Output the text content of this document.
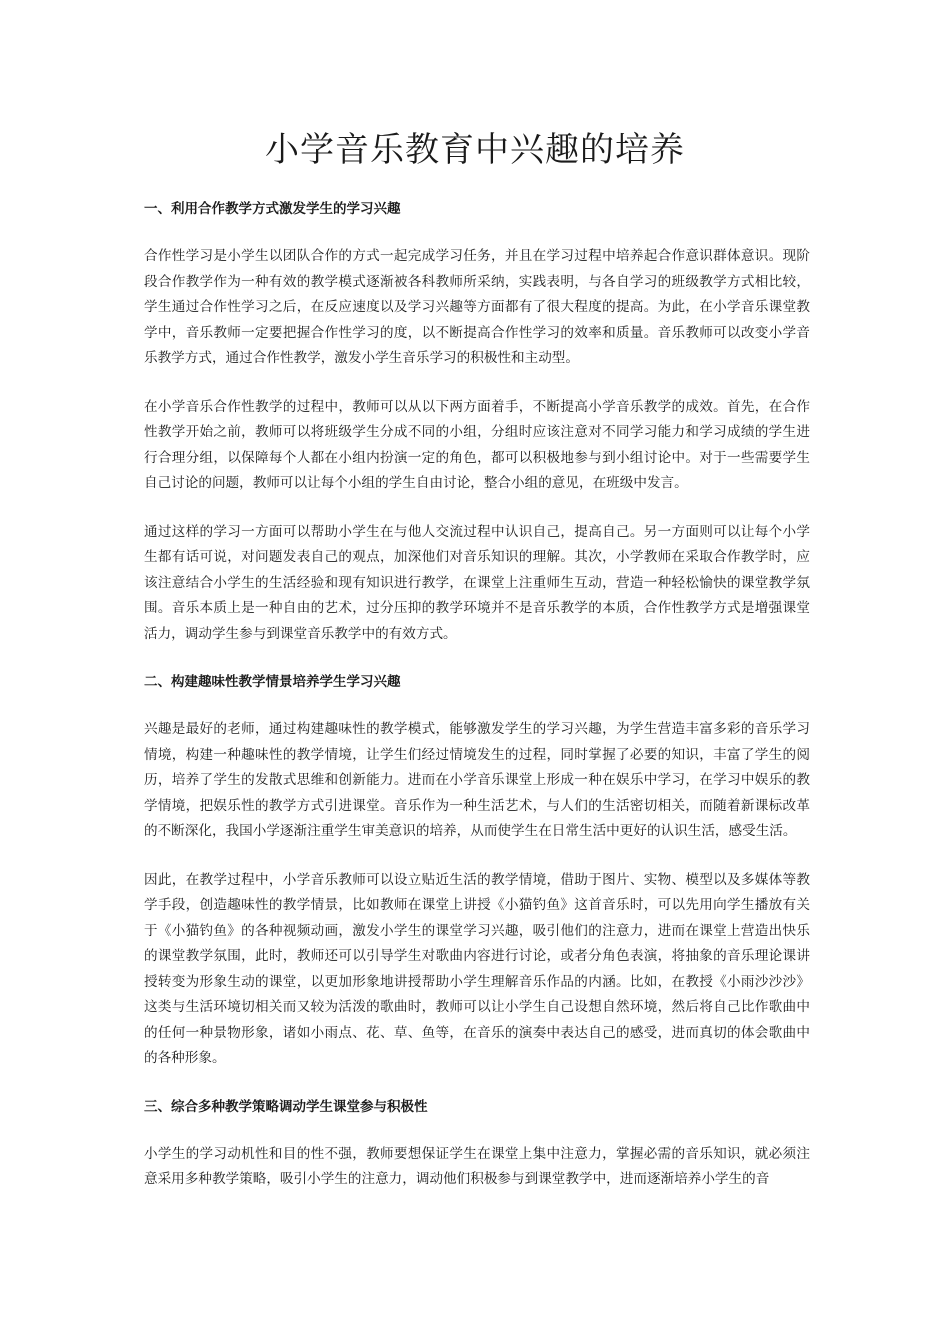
小学音乐教育中兴趣的培养
一、利用合作教学方式激发学生的学习兴趣

合作性学习是小学生以团队合作的方式一起完成学习任务，并且在学习过程中培养起合作意识群体意识。现阶段合作教学作为一种有效的教学模式逐渐被各科教师所采纳，实践表明，与各自学习的班级教学方式相比较，学生通过合作性学习之后，在反应速度以及学习兴趣等方面都有了很大程度的提高。为此，在小学音乐课堂教学中，音乐教师一定要把握合作性学习的度，以不断提高合作性学习的效率和质量。音乐教师可以改变小学音乐教学方式，通过合作性教学，激发小学生音乐学习的积极性和主动型。

在小学音乐合作性教学的过程中，教师可以从以下两方面着手，不断提高小学音乐教学的成效。首先，在合作性教学开始之前，教师可以将班级学生分成不同的小组，分组时应该注意对不同学习能力和学习成绩的学生进行合理分组，以保障每个人都在小组内扮演一定的角色，都可以积极地参与到小组讨论中。对于一些需要学生自己讨论的问题，教师可以让每个小组的学生自由讨论，整合小组的意见，在班级中发言。

通过这样的学习一方面可以帮助小学生在与他人交流过程中认识自己，提高自己。另一方面则可以让每个小学生都有话可说，对问题发表自己的观点，加深他们对音乐知识的理解。其次，小学教师在采取合作教学时，应该注意结合小学生的生活经验和现有知识进行教学，在课堂上注重师生互动，营造一种轻松愉快的课堂教学氛围。音乐本质上是一种自由的艺术，过分压抑的教学环境并不是音乐教学的本质，合作性教学方式是增强课堂活力，调动学生参与到课堂音乐教学中的有效方式。

二、构建趣味性教学情景培养学生学习兴趣

兴趣是最好的老师，通过构建趣味性的教学模式，能够激发学生的学习兴趣，为学生营造丰富多彩的音乐学习情境，构建一种趣味性的教学情境，让学生们经过情境发生的过程，同时掌握了必要的知识，丰富了学生的阅历，培养了学生的发散式思维和创新能力。进而在小学音乐课堂上形成一种在娱乐中学习，在学习中娱乐的教学情境，把娱乐性的教学方式引进课堂。音乐作为一种生活艺术，与人们的生活密切相关，而随着新课标改革的不断深化，我国小学逐渐注重学生审美意识的培养，从而使学生在日常生活中更好的认识生活，感受生活。

因此，在教学过程中，小学音乐教师可以设立贴近生活的教学情境，借助于图片、实物、模型以及多媒体等教学手段，创造趣味性的教学情景，比如教师在课堂上讲授《小猫钓鱼》这首音乐时，可以先用向学生播放有关于《小猫钓鱼》的各种视频动画，激发小学生的课堂学习兴趣，吸引他们的注意力，进而在课堂上营造出快乐的课堂教学氛围，此时，教师还可以引导学生对歌曲内容进行讨论，或者分角色表演，将抽象的音乐理论课讲授转变为形象生动的课堂，以更加形象地讲授帮助小学生理解音乐作品的内涵。比如，在教授《小雨沙沙沙》这类与生活环境切相关而又较为活泼的歌曲时，教师可以让小学生自己设想自然环境，然后将自己比作歌曲中的任何一种景物形象，诸如小雨点、花、草、鱼等，在音乐的演奏中表达自己的感受，进而真切的体会歌曲中的各种形象。

三、综合多种教学策略调动学生课堂参与积极性

小学生的学习动机性和目的性不强，教师要想保证学生在课堂上集中注意力，掌握必需的音乐知识，就必须注意采用多种教学策略，吸引小学生的注意力，调动他们积极参与到课堂教学中，进而逐渐培养小学生的音
